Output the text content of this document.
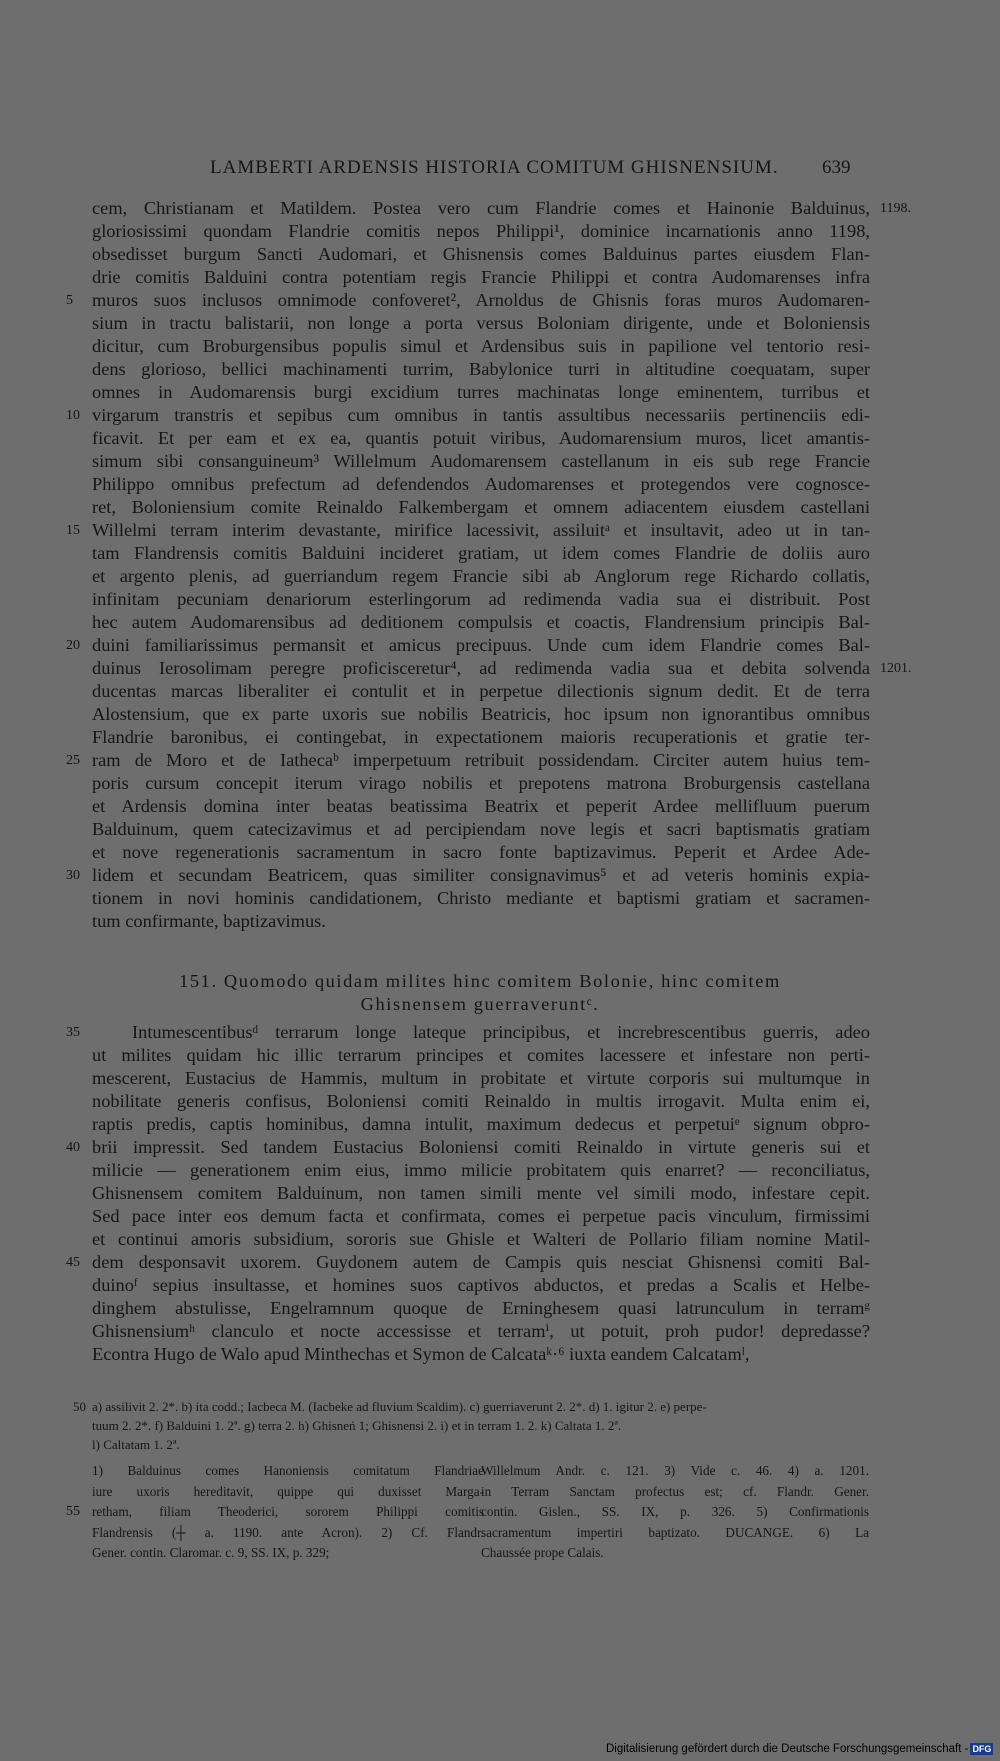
LAMBERTI ARDENSIS HISTORIA COMITUM GHISNENSIUM. 639
cem, Christianam et Matildem. Postea vero cum Flandrie comes et Hainonie Balduinus, 1198.
gloriosissimi quondam Flandrie comitis nepos Philippi¹, dominice incarnationis anno 1198,
obsedisset burgum Sancti Audomari, et Ghisnensis comes Balduinus partes eiusdem Flan-
drie comitis Balduini contra potentiam regis Francie Philippi et contra Audomarenses infra
muros suos inclusos omnimode confoveret², Arnoldus de Ghisnis foras muros Audomaren-
5
sium in tractu balistarii, non longe a porta versus Boloniam dirigente, unde et Boloniensis
dicitur, cum Broburgensibus populis simul et Ardensibus suis in papilione vel tentorio resi-
dens glorioso, bellici machinamenti turrim, Babylonice turri in altitudine coequatam, super
omnes in Audomarensis burgi excidium turres machinatas longe eminentem, turribus et
virgarum transtris et sepibus cum omnibus in tantis assultibus necessariis pertinenciis edi-
10
ficavit. Et per eam et ex ea, quantis potuit viribus, Audomarensium muros, licet amantis-
simum sibi consanguineum³ Willelmum Audomarensem castellanum in eis sub rege Francie
Philippo omnibus prefectum ad defendendos Audomarenses et protegendos vere cognosce-
ret, Boloniensium comite Reinaldo Falkembergam et omnem adiacentem eiusdem castellani
Willelmi terram interim devastante, mirifice lacessivit, assiluitᵃ et insultavit, adeo ut in tan-
15
tam Flandrensis comitis Balduini incideret gratiam, ut idem comes Flandrie de doliis auro
et argento plenis, ad guerriandum regem Francie sibi ab Anglorum rege Richardo collatis,
infinitam pecuniam denariorum esterlingorum ad redimenda vadia sua ei distribuit. Post
hec autem Audomarensibus ad deditionem compulsis et coactis, Flandrensium principis Bal-
duini familiarissimus permansit et amicus precipuus. Unde cum idem Flandrie comes Bal-
20
duinus Ierosolimam peregre proficisceretur⁴, ad redimenda vadia sua et debita solvenda 1201.
ducentas marcas liberaliter ei contulit et in perpetue dilectionis signum dedit. Et de terra
Alostensium, que ex parte uxoris sue nobilis Beatricis, hoc ipsum non ignorantibus omnibus
Flandrie baronibus, ei contingebat, in expectationem maioris recuperationis et gratie ter-
ram de Moro et de Iathecaᵇ imperpetuum retribuit possidendam. Circiter autem huius tem-
25
poris cursum concepit iterum virago nobilis et prepotens matrona Broburgensis castellana
et Ardensis domina inter beatas beatissima Beatrix et peperit Ardee mellifluum puerum
Balduinum, quem catecizavimus et ad percipiendam nove legis et sacri baptismatis gratiam
et nove regenerationis sacramentum in sacro fonte baptizavimus. Peperit et Ardee Ade-
lidem et secundam Beatricem, quas similiter consignavimus⁵ et ad veteris hominis expia-
30
tionem in novi hominis candidationem, Christo mediante et baptismi gratiam et sacramen-
tum confirmante, baptizavimus.
151. Quomodo quidam milites hinc comitem Bolonie, hinc comitem
Ghisnensem guerraveruntᶜ.
Intumescentibusᵈ terrarum longe lateque principibus, et increbrescentibus guerris, adeo
35
ut milites quidam hic illic terrarum principes et comites lacessere et infestare non perti-
mescerent, Eustacius de Hammis, multum in probitate et virtute corporis sui multumque in
nobilitate generis confisus, Boloniensi comiti Reinaldo in multis irrogavit. Multa enim ei,
raptis predis, captis hominibus, damna intulit, maximum dedecus et perpetuiᵉ signum obpro-
brii impressit. Sed tandem Eustacius Boloniensi comiti Reinaldo in virtute generis sui et
40
milicie — generationem enim eius, immo milicie probitatem quis enarret? — reconciliatus,
Ghisnensem comitem Balduinum, non tamen simili mente vel simili modo, infestare cepit.
Sed pace inter eos demum facta et confirmata, comes ei perpetue pacis vinculum, firmissimi
et continui amoris subsidium, sororis sue Ghisle et Walteri de Pollario filiam nomine Matil-
dem desponsavit uxorem. Guydonem autem de Campis quis nesciat Ghisnensi comiti Bal-
45
duinoᶠ sepius insultasse, et homines suos captivos abductos, et predas a Scalis et Helbe-
dinghem abstulisse, Engelramnum quoque de Erninghesem quasi latrunculum in terramᵍ
Ghisnensiumʰ clanculo et nocte accessisse et terramⁱ, ut potuit, proh pudor! depredasse?
Econtra Hugo de Walo apud Minthechas et Symon de Calcataᵏ·⁶ iuxta eandem Calcatamˡ,
a) assilivit 2. 2*. b) ita codd.; Iacbeca M. (Iacbeke ad fluvium Scaldim). c) guerriaverunt 2. 2*. d) 1. igitur 2. e) perpe-
50
tuum 2. 2*. f) Balduini 1. 2ª. g) terra 2. h) Ghisneń 1; Ghisnensi 2. i) et in terram 1. 2. k) Caltata 1. 2ª.
l) Caltatam 1. 2ª.
1) Balduinus comes Hanoniensis comitatum Flandriae
iure uxoris hereditavit, quippe qui duxisset Marga-
retham, filiam Theoderici, sororem Philippi comitis
55
Flandrensis (┼ a. 1190. ante Acron). 2) Cf. Flandr.
Gener. contin. Claromar. c. 9, SS. IX, p. 329;
Willelmum Andr. c. 121. 3) Vide c. 46. 4) a. 1201.
in Terram Sanctam profectus est; cf. Flandr. Gener.
contin. Gislen., SS. IX, p. 326. 5) Confirmationis
sacramentum impertiri baptizato. DUCANGE. 6) La
Chaussée prope Calais.
Digitalisierung gefördert durch die Deutsche Forschungsgemeinschaft - DFG
